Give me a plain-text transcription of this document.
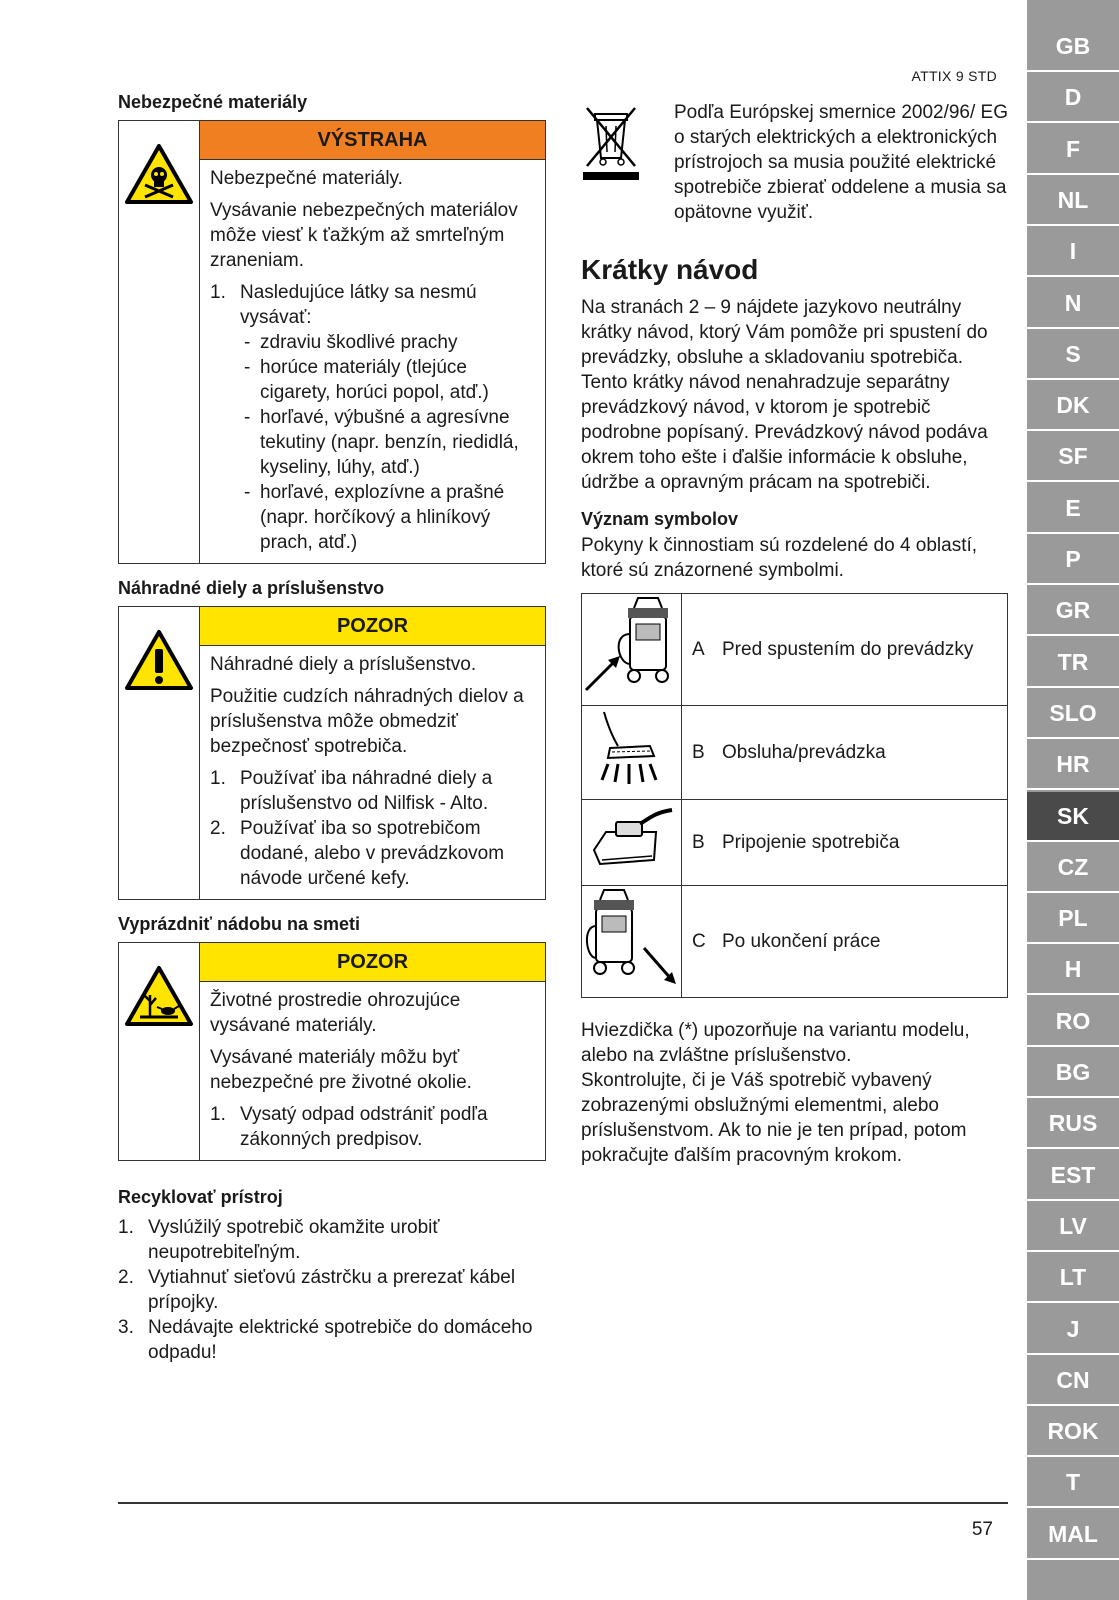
ATTIX 9 STD
GB
D
F
NL
I
N
S
DK
SF
E
P
GR
TR
SLO
HR
SK
CZ
PL
H
RO
BG
RUS
EST
LV
LT
J
CN
ROK
T
MAL
Nebezpečné materiály
VÝSTRAHA

Nebezpečné materiály.

Vysávanie nebezpečných materiálov môže viesť k ťažkým až smrteľným zraneniam.

1. Nasledujúce látky sa nesmú vysávať:
- zdraviu škodlivé prachy
- horúce materiály (tlejúce cigarety, horúci popol, atď.)
- horľavé, výbušné a agresívne tekutiny (napr. benzín, riedidlá, kyseliny, lúhy, atď.)
- horľavé, explozívne a prašné (napr. horčíkový a hliníkový prach, atď.)
Náhradné diely a príslušenstvo
POZOR

Náhradné diely a príslušenstvo.

Použitie cudzích náhradných dielov a príslušenstva môže obmedziť bezpečnosť spotrebiča.

1. Používať iba náhradné diely a príslušenstvo od Nilfisk - Alto.
2. Používať iba so spotrebičom dodané, alebo v prevádzkovom návode určené kefy.
Vyprázdniť nádobu na smeti
POZOR

Životné prostredie ohrozujúce vysávané materiály.

Vysávané materiály môžu byť nebezpečné pre životné okolie.

1. Vysatý odpad odstrániť podľa zákonných predpisov.
Recyklovať prístroj
1. Vyslúžilý spotrebič okamžite urobiť neupotrebiteľným.
2. Vytiahnuť sieťovú zástrčku a prerezať kábel prípojky.
3. Nedávajte elektrické spotrebiče do domáceho odpadu!
Podľa Európskej smernice 2002/96/ EG o starých elektrických a elektronických prístrojoch sa musia použité elektrické spotrebiče zbierať oddelene a musia sa opätovne využiť.
Krátky návod

Na stranách 2 – 9 nájdete jazykovo neutrálny krátky návod, ktorý Vám pomôže pri spustení do prevádzky, obsluhe a skladovaniu spotrebiča. Tento krátky návod nenahradzuje separátny prevádzkový návod, v ktorom je spotrebič podrobne popísaný. Prevádzkový návod podáva okrem toho ešte i ďalšie informácie k obsluhe, údržbe a opravným prácam na spotrebiči.

Význam symbolov

Pokyny k činnostiam sú rozdelené do 4 oblastí, ktoré sú znázornené symbolmi.

A Pred spustením do prevádzky

B Obsluha/prevádzka

B Pripojenie spotrebiča

C Po ukončení práce

Hviezdička (*) upozorňuje na variantu modelu, alebo na zvláštne príslušenstvo.

Skontrolujte, či je Váš spotrebič vybavený zobrazenými obslužnými elementmi, alebo príslušenstvom. Ak to nie je ten prípad, potom pokračujte ďalším pracovným krokom.

57
